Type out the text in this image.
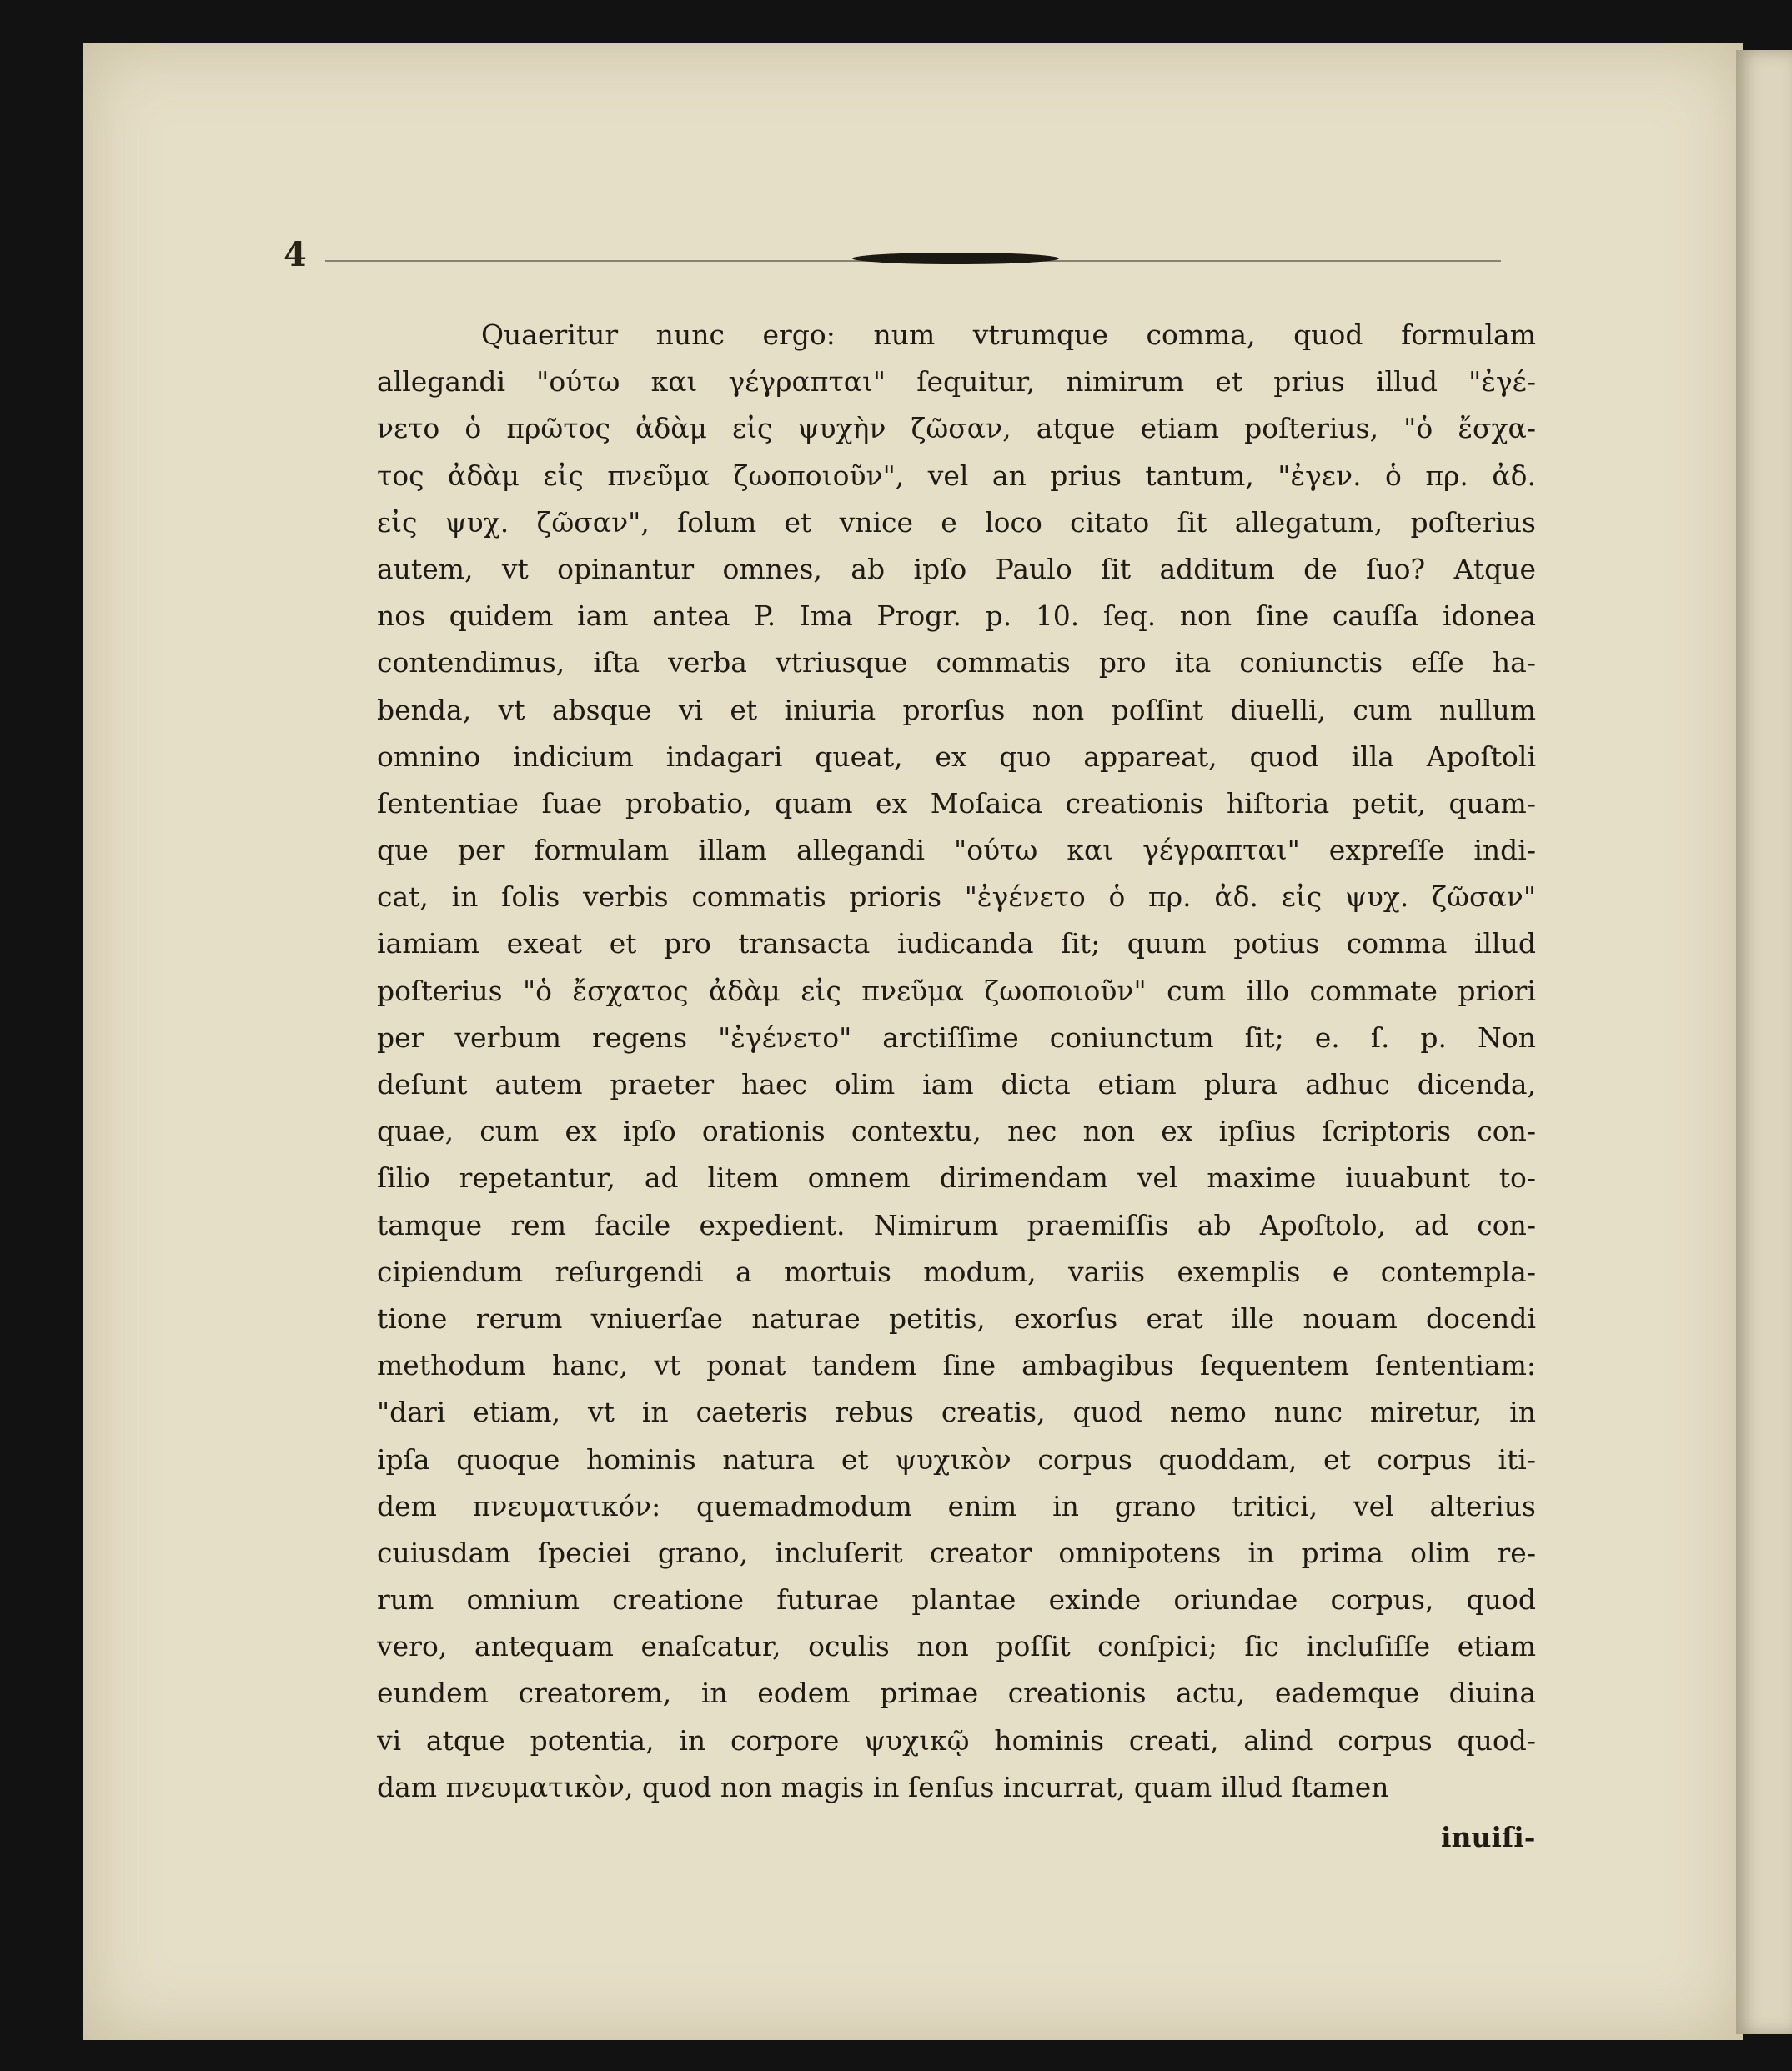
4
Quaeritur nunc ergo: num vtrumque comma, quod formulam
allegandi "ούτω και γέγραπται" ſequitur, nimirum et prius illud "ἐγέ-
νετο ὁ πρῶτος ἀδὰμ εἰς ψυχὴν ζῶσαν, atque etiam poſterius, "ὁ ἔσχα-
τος ἀδὰμ εἰς πνεῦμα ζωοποιοῦν", vel an prius tantum, "ἐγεν. ὁ πρ. ἀδ.
εἰς ψυχ. ζῶσαν", ſolum et vnice e loco citato ſit allegatum, poſterius
autem, vt opinantur omnes, ab ipſo Paulo ſit additum de ſuo? Atque
nos quidem iam antea P. Ima Progr. p. 10. ſeq. non ſine cauſſa idonea
contendimus, iſta verba vtriusque commatis pro ita coniunctis eſſe ha-
benda, vt absque vi et iniuria prorſus non poſſint diuelli, cum nullum
omnino indicium indagari queat, ex quo appareat, quod illa Apoſtoli
ſententiae ſuae probatio, quam ex Moſaica creationis hiſtoria petit, quam-
que per formulam illam allegandi "ούτω και γέγραπται" expreſſe indi-
cat, in ſolis verbis commatis prioris "ἐγένετο ὁ πρ. ἀδ. εἰς ψυχ. ζῶσαν"
iamiam exeat et pro transacta iudicanda ſit; quum potius comma illud
poſterius "ὁ ἔσχατος ἀδὰμ εἰς πνεῦμα ζωοποιοῦν" cum illo commate priori
per verbum regens "ἐγένετο" arctiſſime coniunctum ſit; e. ſ. p. Non
deſunt autem praeter haec olim iam dicta etiam plura adhuc dicenda,
quae, cum ex ipſo orationis contextu, nec non ex ipſius ſcriptoris con-
ſilio repetantur, ad litem omnem dirimendam vel maxime iuuabunt to-
tamque rem facile expedient. Nimirum praemiſſis ab Apoſtolo, ad con-
cipiendum reſurgendi a mortuis modum, variis exemplis e contempla-
tione rerum vniuerſae naturae petitis, exorſus erat ille nouam docendi
methodum hanc, vt ponat tandem ſine ambagibus ſequentem ſententiam:
"dari etiam, vt in caeteris rebus creatis, quod nemo nunc miretur, in
ipſa quoque hominis natura et ψυχικὸν corpus quoddam, et corpus iti-
dem πνευματικόν: quemadmodum enim in grano tritici, vel alterius
cuiusdam ſpeciei grano, incluſerit creator omnipotens in prima olim re-
rum omnium creatione futurae plantae exinde oriundae corpus, quod
vero, antequam enaſcatur, oculis non poſſit conſpici; ſic incluſiſſe etiam
eundem creatorem, in eodem primae creationis actu, eademque diuina
vi atque potentia, in corpore ψυχικῷ hominis creati, alind corpus quod-
dam πνευματικὸν, quod non magis in ſenſus incurrat, quam illud ſtamen
inuiſi-
